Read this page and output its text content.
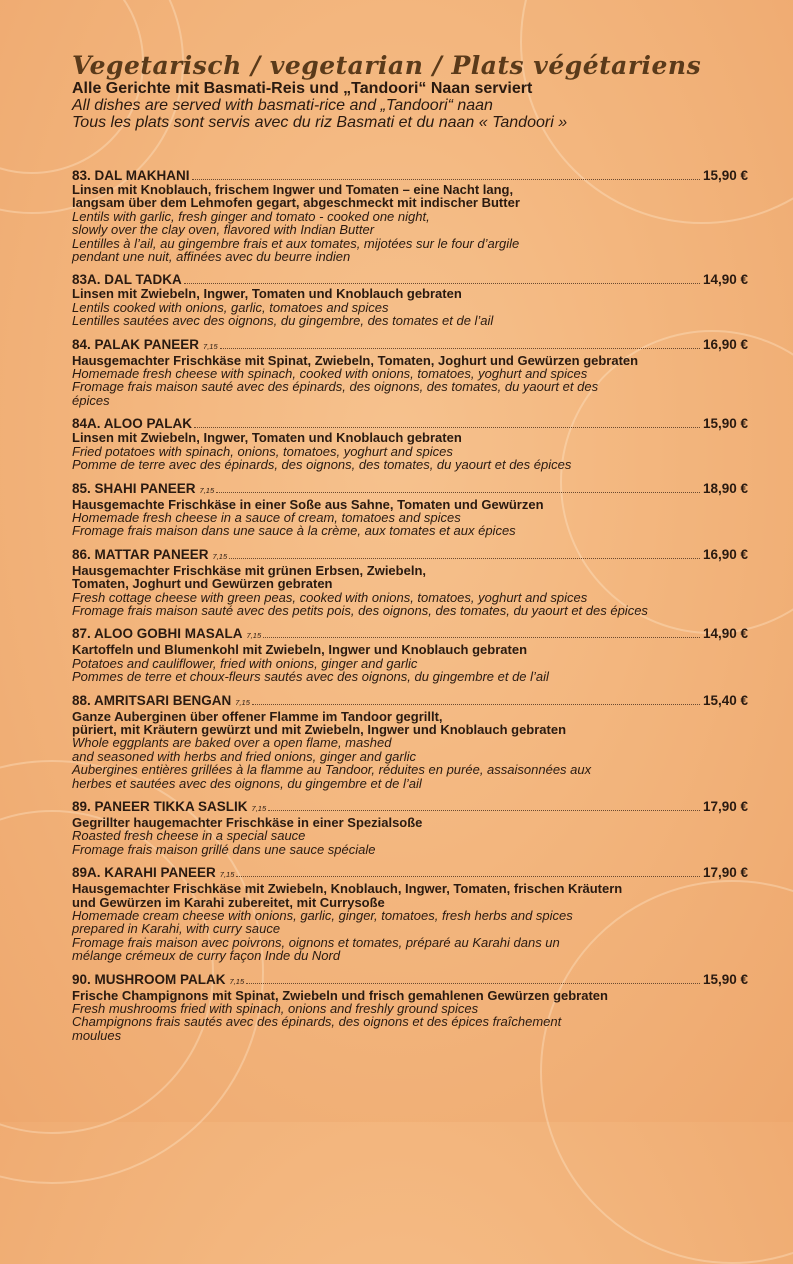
Vegetarisch / vegetarian / Plats végétariens
Alle Gerichte mit Basmati-Reis und „Tandoori“ Naan serviert
All dishes are served with basmati-rice and „Tandoori“ naan
Tous les plats sont servis avec du riz Basmati et du naan « Tandoori »
83. DAL MAKHANI	15,90 €
Linsen mit Knoblauch, frischem Ingwer und Tomaten – eine Nacht lang,
langsam über dem Lehmofen gegart, abgeschmeckt mit indischer Butter
Lentils with garlic, fresh ginger and tomato - cooked one night,
slowly over the clay oven, flavored with Indian Butter
Lentilles à l’ail, au gingembre frais et aux tomates, mijotées sur le four d’argile
pendant une nuit, affinées avec du beurre indien
83A. DAL TADKA	14,90 €
Linsen mit Zwiebeln, Ingwer, Tomaten und Knoblauch gebraten
Lentils cooked with onions, garlic, tomatoes and spices
Lentilles sautées avec des oignons, du gingembre, des tomates et de l’ail
84. PALAK PANEER 7,15	16,90 €
Hausgemachter Frischkäse mit Spinat, Zwiebeln, Tomaten, Joghurt und Gewürzen gebraten
Homemade fresh cheese with spinach, cooked with onions, tomatoes, yoghurt and spices
Fromage frais maison sauté avec des épinards, des oignons, des tomates, du yaourt et des
épices
84A. ALOO PALAK	15,90 €
Linsen mit Zwiebeln, Ingwer, Tomaten und Knoblauch gebraten
Fried potatoes with spinach, onions, tomatoes, yoghurt and spices
Pomme de terre avec des épinards, des oignons, des tomates, du yaourt et des épices
85. SHAHI PANEER 7,15	18,90 €
Hausgemachte Frischkäse in einer Soße aus Sahne, Tomaten und Gewürzen
Homemade fresh cheese in a sauce of cream, tomatoes and spices
Fromage frais maison dans une sauce à la crème, aux tomates et aux épices
86. MATTAR PANEER 7,15	16,90 €
Hausgemachter Frischkäse mit grünen Erbsen, Zwiebeln,
Tomaten, Joghurt und Gewürzen gebraten
Fresh cottage cheese with green peas, cooked with onions, tomatoes, yoghurt and spices
Fromage frais maison sauté avec des petits pois, des oignons, des tomates, du yaourt et des épices
87. ALOO GOBHI MASALA 7,15	14,90 €
Kartoffeln und Blumenkohl mit Zwiebeln, Ingwer und Knoblauch gebraten
Potatoes and cauliflower, fried with onions, ginger and garlic
Pommes de terre et choux-fleurs sautés avec des oignons, du gingembre et de l’ail
88. AMRITSARI BENGAN 7,15	15,40 €
Ganze Auberginen über offener Flamme im Tandoor gegrillt,
püriert, mit Kräutern gewürzt und mit Zwiebeln, Ingwer und Knoblauch gebraten
Whole eggplants are baked over a open flame, mashed
and seasoned with herbs and fried onions, ginger and garlic
Aubergines entières grillées à la flamme au Tandoor, réduites en purée, assaisonnées aux
herbes et sautées avec des oignons, du gingembre et de l’ail
89. PANEER TIKKA SASLIK 7,15	17,90 €
Gegrillter haugemachter Frischkäse in einer Spezialsoße
Roasted fresh cheese in a special sauce
Fromage frais maison grillé dans une sauce spéciale
89A. KARAHI PANEER 7,15	17,90 €
Hausgemachter Frischkäse mit Zwiebeln, Knoblauch, Ingwer, Tomaten, frischen Kräutern
und Gewürzen im Karahi zubereitet, mit Currysoße
Homemade cream cheese with onions, garlic, ginger, tomatoes, fresh herbs and spices
prepared in Karahi, with curry sauce
Fromage frais maison avec poivrons, oignons et tomates, préparé au Karahi dans un
mélange crémeux de curry façon Inde du Nord
90. MUSHROOM PALAK 7,15	15,90 €
Frische Champignons mit Spinat, Zwiebeln und frisch gemahlenen Gewürzen gebraten
Fresh mushrooms fried with spinach, onions and freshly ground spices
Champignons frais sautés avec des épinards, des oignons et des épices fraîchement
moulues
